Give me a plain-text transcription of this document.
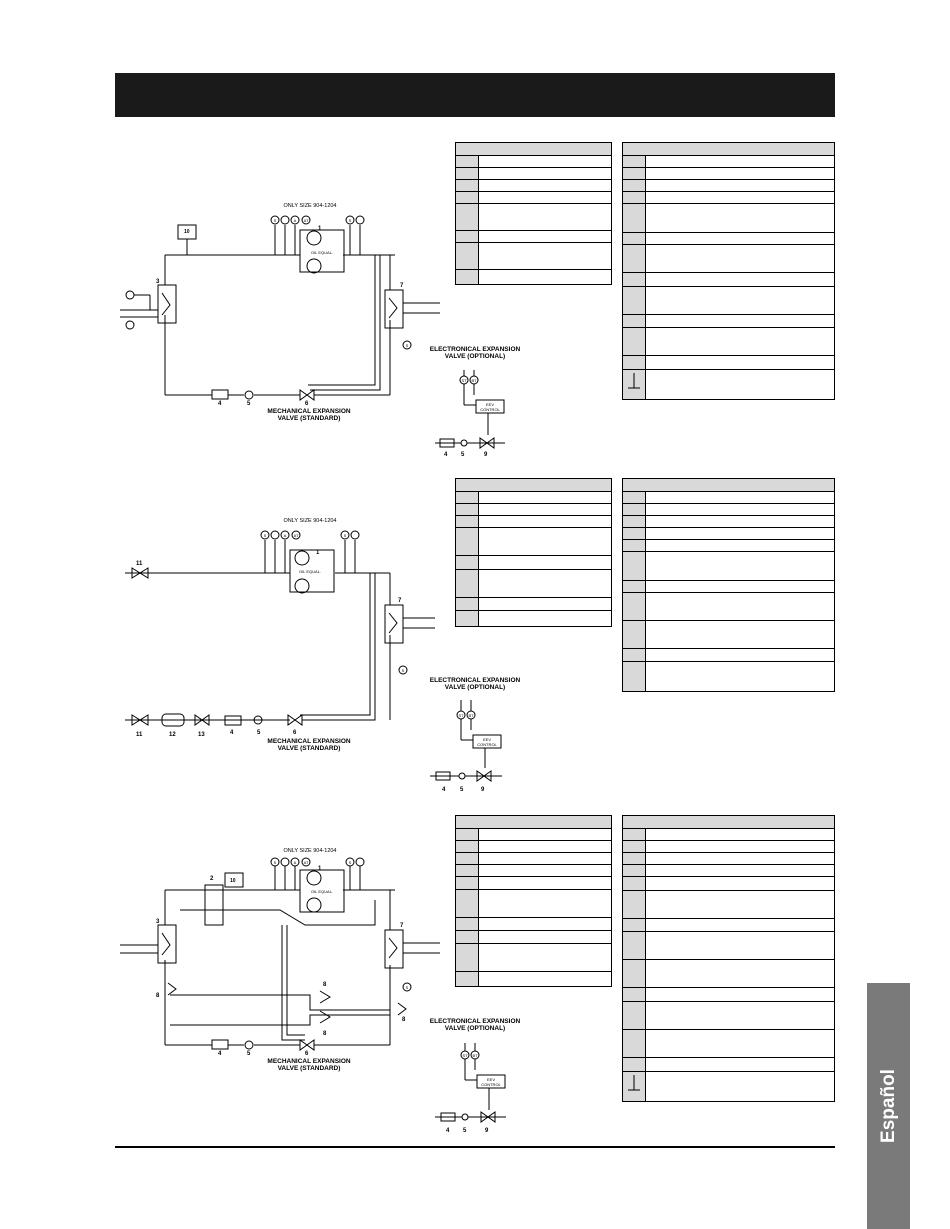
Español
ONLY SIZE 904-1204
OIL EQUAL.
S	A AT	S
S
1
3
7
10
4	5	6
MECHANICAL EXPANSION
VALVE (STANDARD)
ELECTRONICAL EXPANSION
VALVE (OPTIONAL)
ST BT
EEV
CONTROL
4 5	9
ONLY SIZE 904-1204
OIL EQUAL.
S	A AT	S
S
1
7
11
11	12	13	4	5	6
MECHANICAL EXPANSION
VALVE (STANDARD)
ELECTRONICAL EXPANSION
VALVE (OPTIONAL)
ST BT
EEV
CONTROL
4 5	9
ONLY SIZE 904-1204
OIL EQUAL.
S	A AT	S
S
1
2
3
7
10
8
8
8
8
4	5	6
MECHANICAL EXPANSION
VALVE (STANDARD)
ELECTRONICAL EXPANSION
VALVE (OPTIONAL)
ST BT
EEV
CONTROL
4 5	9
